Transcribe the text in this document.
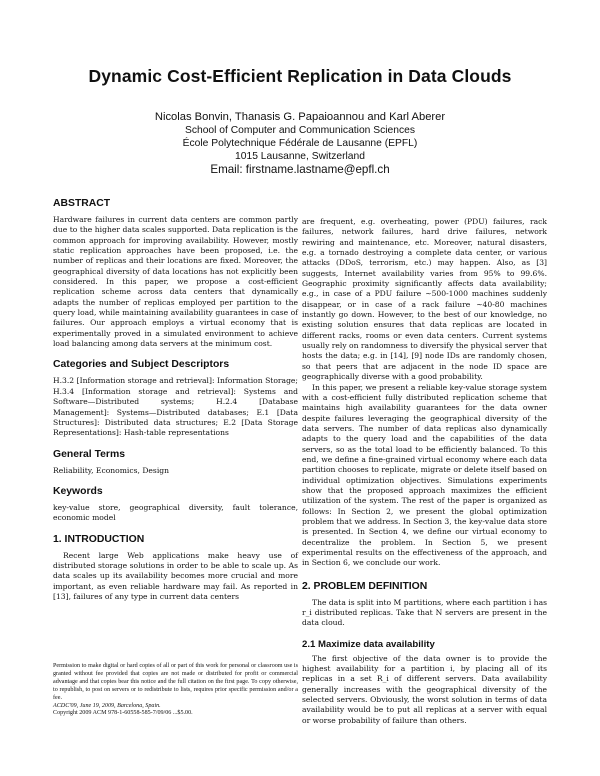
Dynamic Cost-Efficient Replication in Data Clouds
Nicolas Bonvin, Thanasis G. Papaioannou and Karl Aberer
School of Computer and Communication Sciences
École Polytechnique Fédérale de Lausanne (EPFL)
1015 Lausanne, Switzerland
Email: firstname.lastname@epfl.ch
ABSTRACT

Hardware failures in current data centers are common partly due to the higher data scales supported. Data replication is the common approach for improving availability. However, mostly static replication approaches have been proposed, i.e. the number of replicas and their locations are fixed. Moreover, the geographical diversity of data locations has not explicitly been considered. In this paper, we propose a cost-efficient replication scheme across data centers that dynamically adapts the number of replicas employed per partition to the query load, while maintaining availability guarantees in case of failures. Our approach employs a virtual economy that is experimentally proved in a simulated environment to achieve load balancing among data servers at the minimum cost.

Categories and Subject Descriptors

H.3.2 [Information storage and retrieval]: Information Storage; H.3.4 [Information storage and retrieval]: Systems and Software—Distributed systems; H.2.4 [Database Management]: Systems—Distributed databases; E.1 [Data Structures]: Distributed data structures; E.2 [Data Storage Representations]: Hash-table representations

General Terms

Reliability, Economics, Design

Keywords

key-value store, geographical diversity, fault tolerance, economic model

1. INTRODUCTION

Recent large Web applications make heavy use of distributed storage solutions in order to be able to scale up. As data scales up its availability becomes more crucial and more important, as even reliable hardware may fail. As reported in [13], failures of any type in current data centers

Permission to make digital or hard copies of all or part of this work for personal or classroom use is granted without fee provided that copies are not made or distributed for profit or commercial advantage and that copies bear this notice and the full citation on the first page. To copy otherwise, to republish, to post on servers or to redistribute to lists, requires prior specific permission and/or a fee.

ACDC'09, June 19, 2009, Barcelona, Spain.
Copyright 2009 ACM 978-1-60558-585-7/09/06 ...$5.00.

are frequent, e.g. overheating, power (PDU) failures, rack failures, network failures, hard drive failures, network rewiring and maintenance, etc. Moreover, natural disasters, e.g. a tornado destroying a complete data center, or various attacks (DDoS, terrorism, etc.) may happen. Also, as [3] suggests, Internet availability varies from 95% to 99.6%. Geographic proximity significantly affects data availability; e.g., in case of a PDU failure ∼500-1000 machines suddenly disappear, or in case of a rack failure ∼40-80 machines instantly go down. However, to the best of our knowledge, no existing solution ensures that data replicas are located in different racks, rooms or even data centers. Current systems usually rely on randomness to diversify the physical server that hosts the data; e.g. in [14], [9] node IDs are randomly chosen, so that peers that are adjacent in the node ID space are geographically diverse with a good probability.

In this paper, we present a reliable key-value storage system with a cost-efficient fully distributed replication scheme that maintains high availability guarantees for the data owner despite failures leveraging the geographical diversity of the data servers. The number of data replicas also dynamically adapts to the query load and the capabilities of the data servers, so as the total load to be efficiently balanced. To this end, we define a fine-grained virtual economy where each data partition chooses to replicate, migrate or delete itself based on individual optimization objectives. Simulations experiments show that the proposed approach maximizes the efficient utilization of the system. The rest of the paper is organized as follows: In Section 2, we present the global optimization problem that we address. In Section 3, the key-value data store is presented. In Section 4, we define our virtual economy to decentralize the problem. In Section 5, we present experimental results on the effectiveness of the approach, and in Section 6, we conclude our work.

2. PROBLEM DEFINITION

The data is split into M partitions, where each partition i has r_i distributed replicas. Take that N servers are present in the data cloud.

2.1 Maximize data availability

The first objective of the data owner is to provide the highest availability for a partition i, by placing all of its replicas in a set R_i of different servers. Data availability generally increases with the geographical diversity of the selected servers. Obviously, the worst solution in terms of data availability would be to put all replicas at a server with equal or worse probability of failure than others.
